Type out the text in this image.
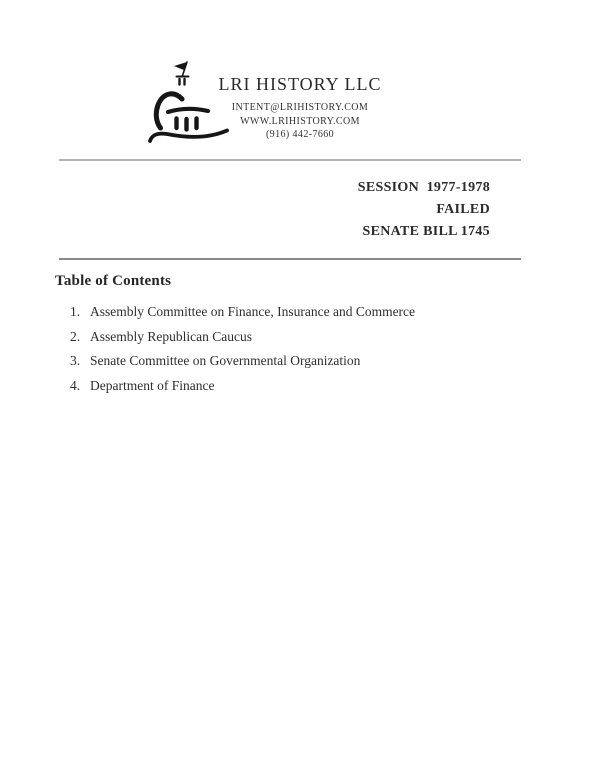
LRI HISTORY LLC
INTENT@LRIHISTORY.COM
WWW.LRIHISTORY.COM
(916) 442-7660
SESSION  1977-1978
FAILED
SENATE BILL 1745
Table of Contents
1. Assembly Committee on Finance, Insurance and Commerce
2. Assembly Republican Caucus
3. Senate Committee on Governmental Organization
4. Department of Finance
